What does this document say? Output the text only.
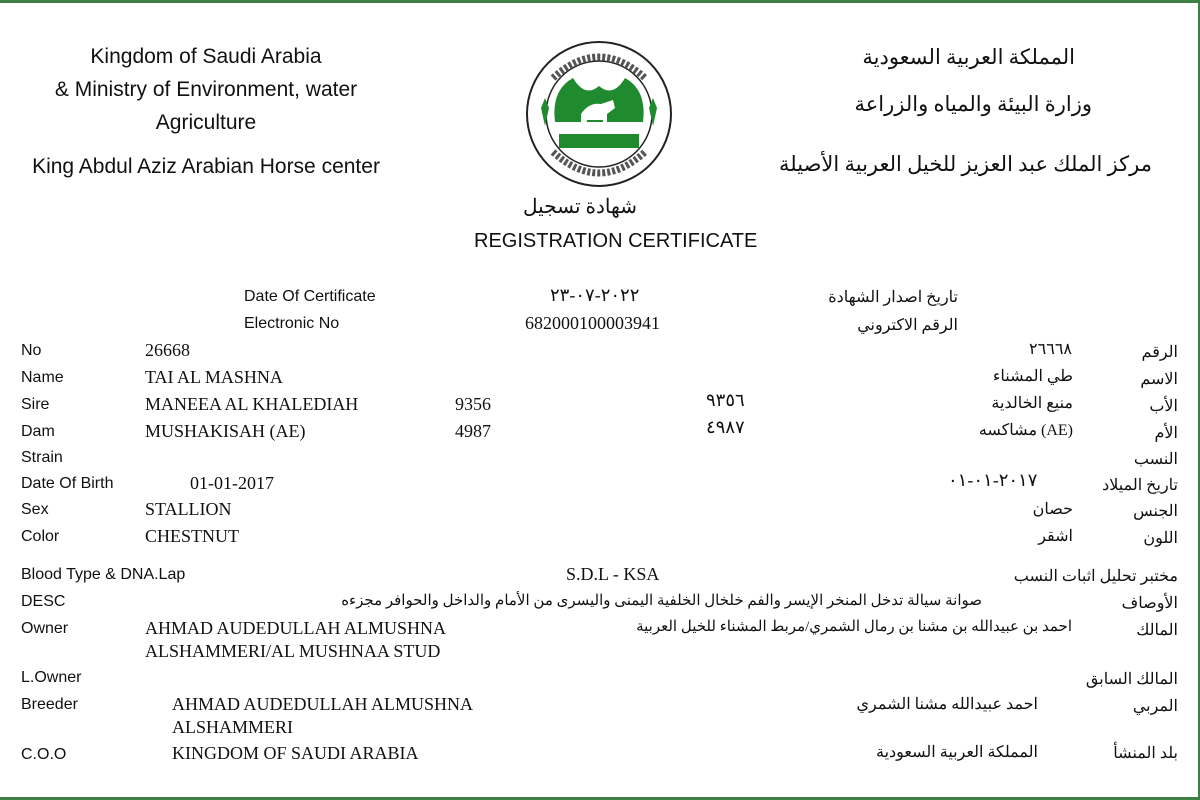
Kingdom of Saudi Arabia
& Ministry of Environment, water
Agriculture
King Abdul Aziz Arabian Horse center
المملكة العربية السعودية
وزارة البيئة والمياه والزراعة
مركز الملك عبد العزيز للخيل العربية الأصيلة
شهادة تسجيل
REGISTRATION CERTIFICATE
Date Of Certificate	٢٠٢٢-٠٧-٢٣	تاريخ اصدار الشهادة
Electronic No	682000100003941	الرقم الاكتروني
No	26668	٢٦٦٦٨	الرقم
Name	TAI AL MASHNA	طي المشناء	الاسم
Sire	MANEEA AL KHALEDIAH	9356	٩٣٥٦	منيع الخالدية	الأب
Dam	MUSHAKISAH (AE)	4987	٤٩٨٧	(AE) مشاكسه	الأم
Strain	النسب
Date Of Birth	01-01-2017	٢٠١٧-٠١-٠١	تاريخ الميلاد
Sex	STALLION	حصان	الجنس
Color	CHESTNUT	اشقر	اللون
Blood Type & DNA.Lap	S.D.L - KSA	مختبر تحليل اثبات النسب
DESC	صوانة سيالة تدخل المنخر الإيسر والفم خلخال الخلفية اليمنى واليسرى من الأمام والداخل والحوافر مجزءه	الأوصاف
Owner	AHMAD AUDEDULLAH ALMUSHNA
ALSHAMMERI/AL MUSHNAA STUD
احمد بن عبيدالله بن مشنا بن رمال الشمري/مربط المشناء للخيل العربية	المالك
L.Owner	المالك السابق
Breeder	AHMAD AUDEDULLAH ALMUSHNA
ALSHAMMERI
احمد عبيدالله مشنا الشمري	المربي
C.O.O	KINGDOM OF SAUDI ARABIA	المملكة العربية السعودية	بلد المنشأ
